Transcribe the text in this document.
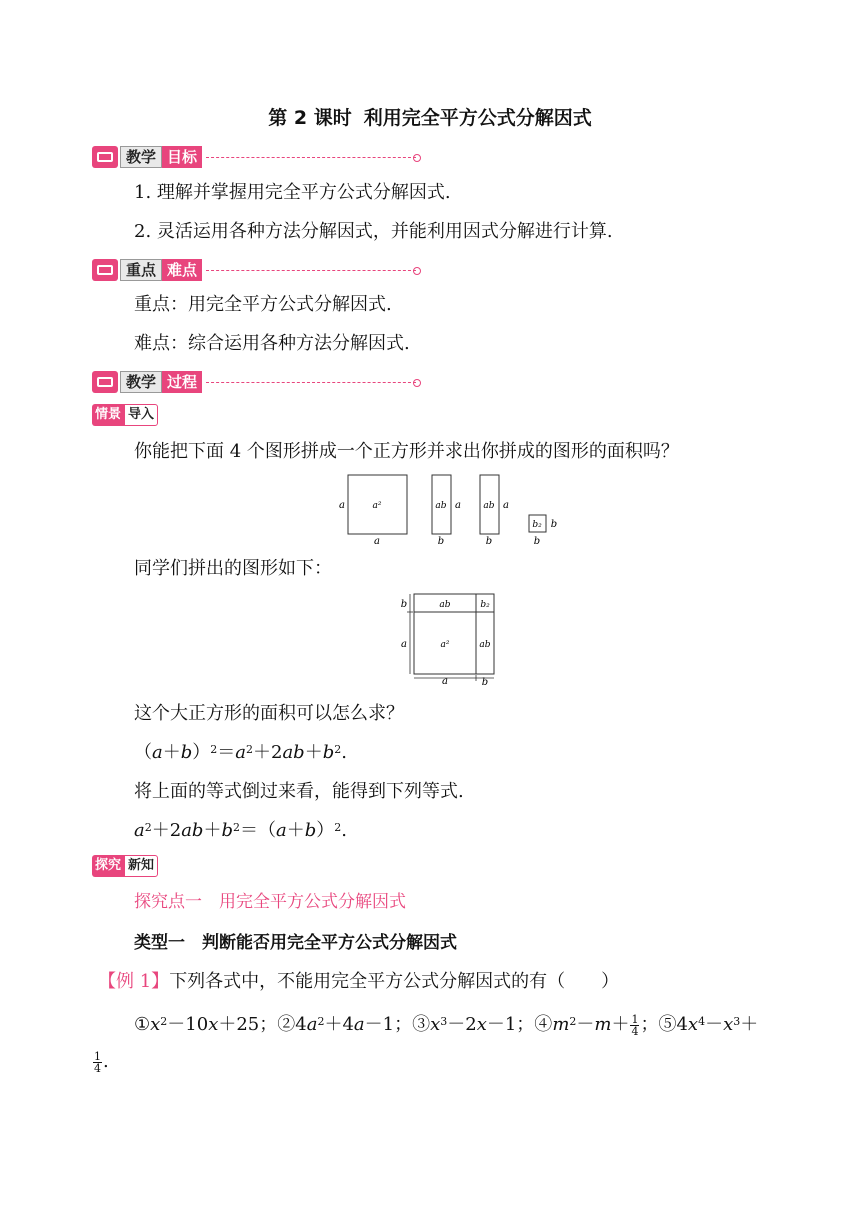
第 2 课时 利用完全平方公式分解因式
教学 目标
1. 理解并掌握用完全平方公式分解因式.
2. 灵活运用各种方法分解因式，并能利用因式分解进行计算.
重点 难点
重点：用完全平方公式分解因式.
难点：综合运用各种方法分解因式.
教学 过程
情景 导入
你能把下面 4 个图形拼成一个正方形并求出你拼成的图形的面积吗？
a²
a
a
ab a
b
ab a
b
b₂ b
b
同学们拼出的图形如下：
ab	b₂
a²	ab
b
a
a	b
这个大正方形的面积可以怎么求？
$(a+b)^2=a^2+2ab+b^2$.
将上面的等式倒过来看，能得到下列等式.
$a^2+2ab+b^2=(a+b)^2$.
探究 新知
探究点一　用完全平方公式分解因式
类型一　判断能否用完全平方公式分解因式
【例 1】下列各式中，不能用完全平方公式分解因式的有（　　）
$①x^2-10x+25$；$②4a^2+4a-1$；$③x^3-2x-1$；$④m^2-m+ \frac{1}{4}$ ；$⑤4x^4-x^3+$
$\frac{1}{4}$ .
